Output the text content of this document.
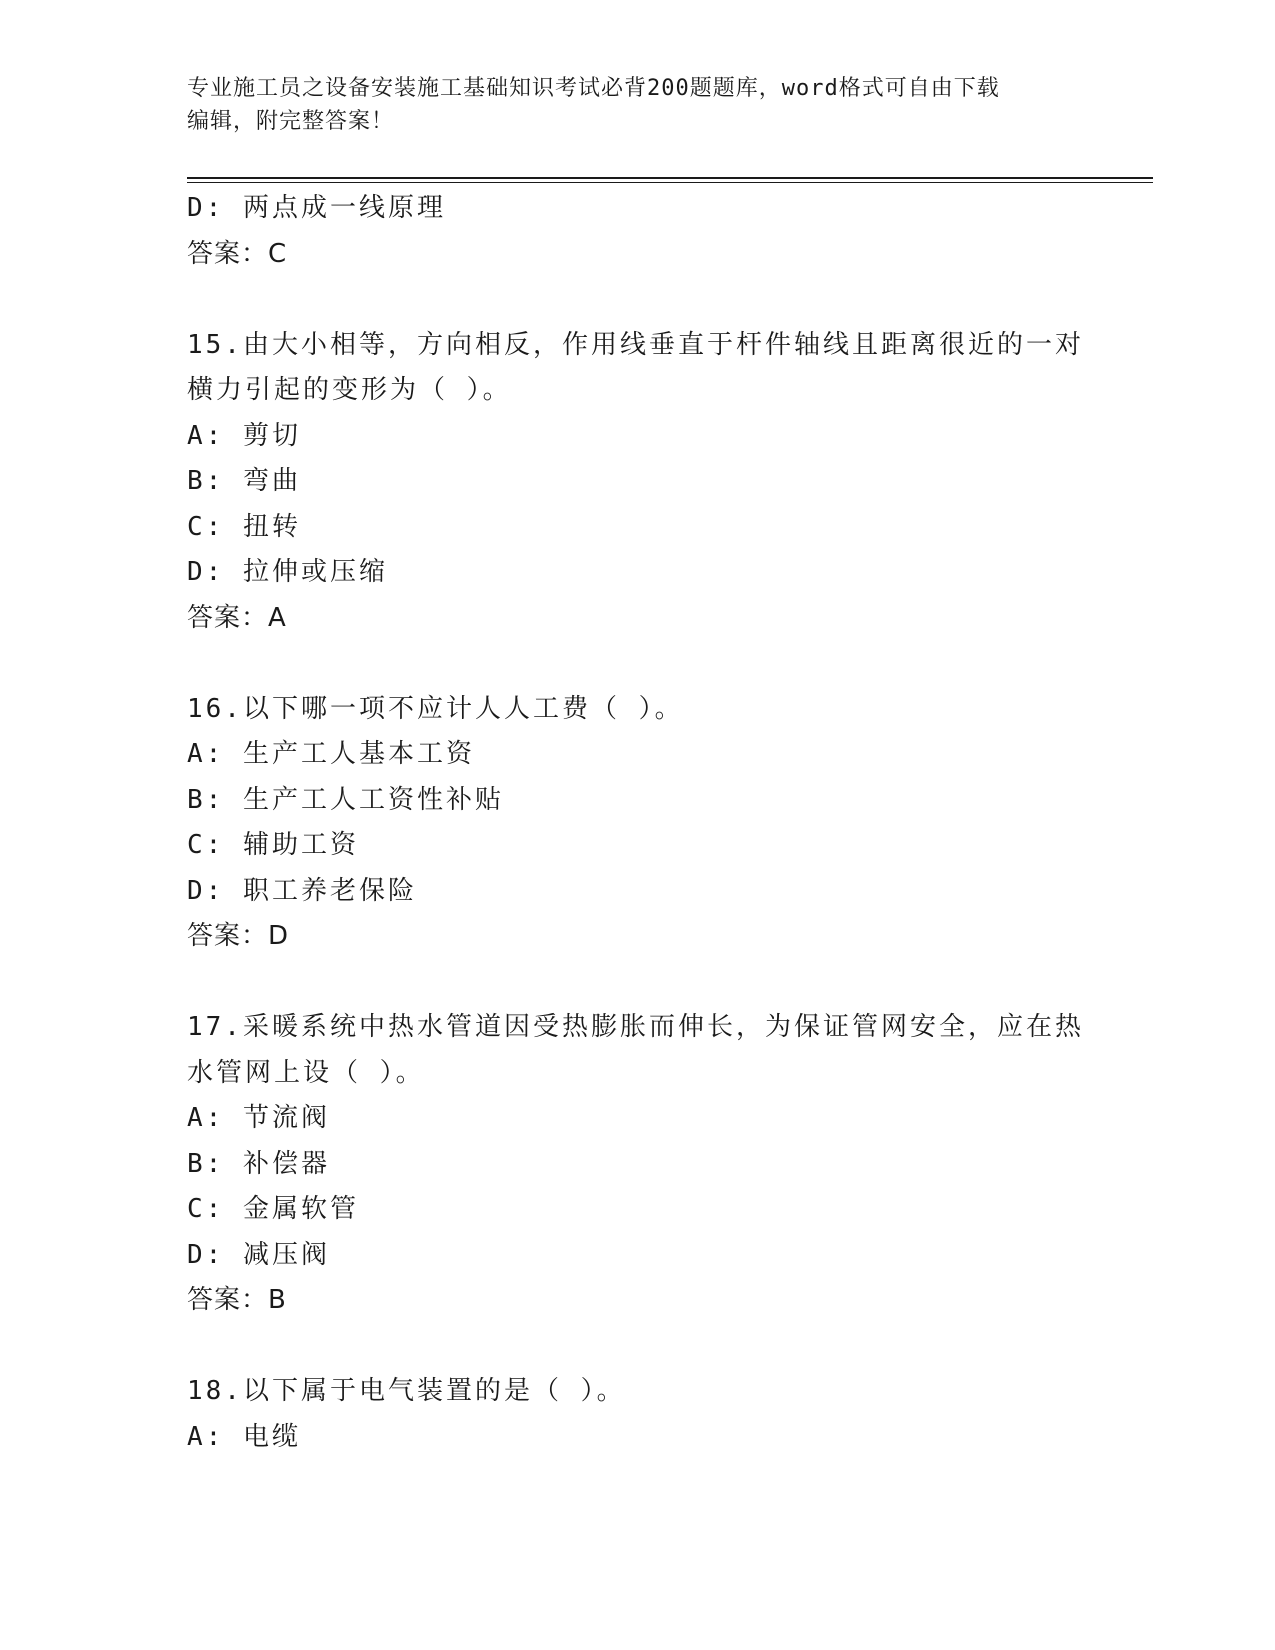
专业施工员之设备安装施工基础知识考试必背200题题库，word格式可自由下载
编辑，附完整答案！
D: 两点成一线原理
答案：C
15.由大小相等，方向相反，作用线垂直于杆件轴线且距离很近的一对
横力引起的变形为（ ）。
A: 剪切
B: 弯曲
C: 扭转
D: 拉伸或压缩
答案：A
16.以下哪一项不应计人人工费（ ）。
A: 生产工人基本工资
B: 生产工人工资性补贴
C: 辅助工资
D: 职工养老保险
答案：D
17.采暖系统中热水管道因受热膨胀而伸长，为保证管网安全，应在热
水管网上设（ ）。
A: 节流阀
B: 补偿器
C: 金属软管
D: 减压阀
答案：B
18.以下属于电气装置的是（ ）。
A: 电缆
